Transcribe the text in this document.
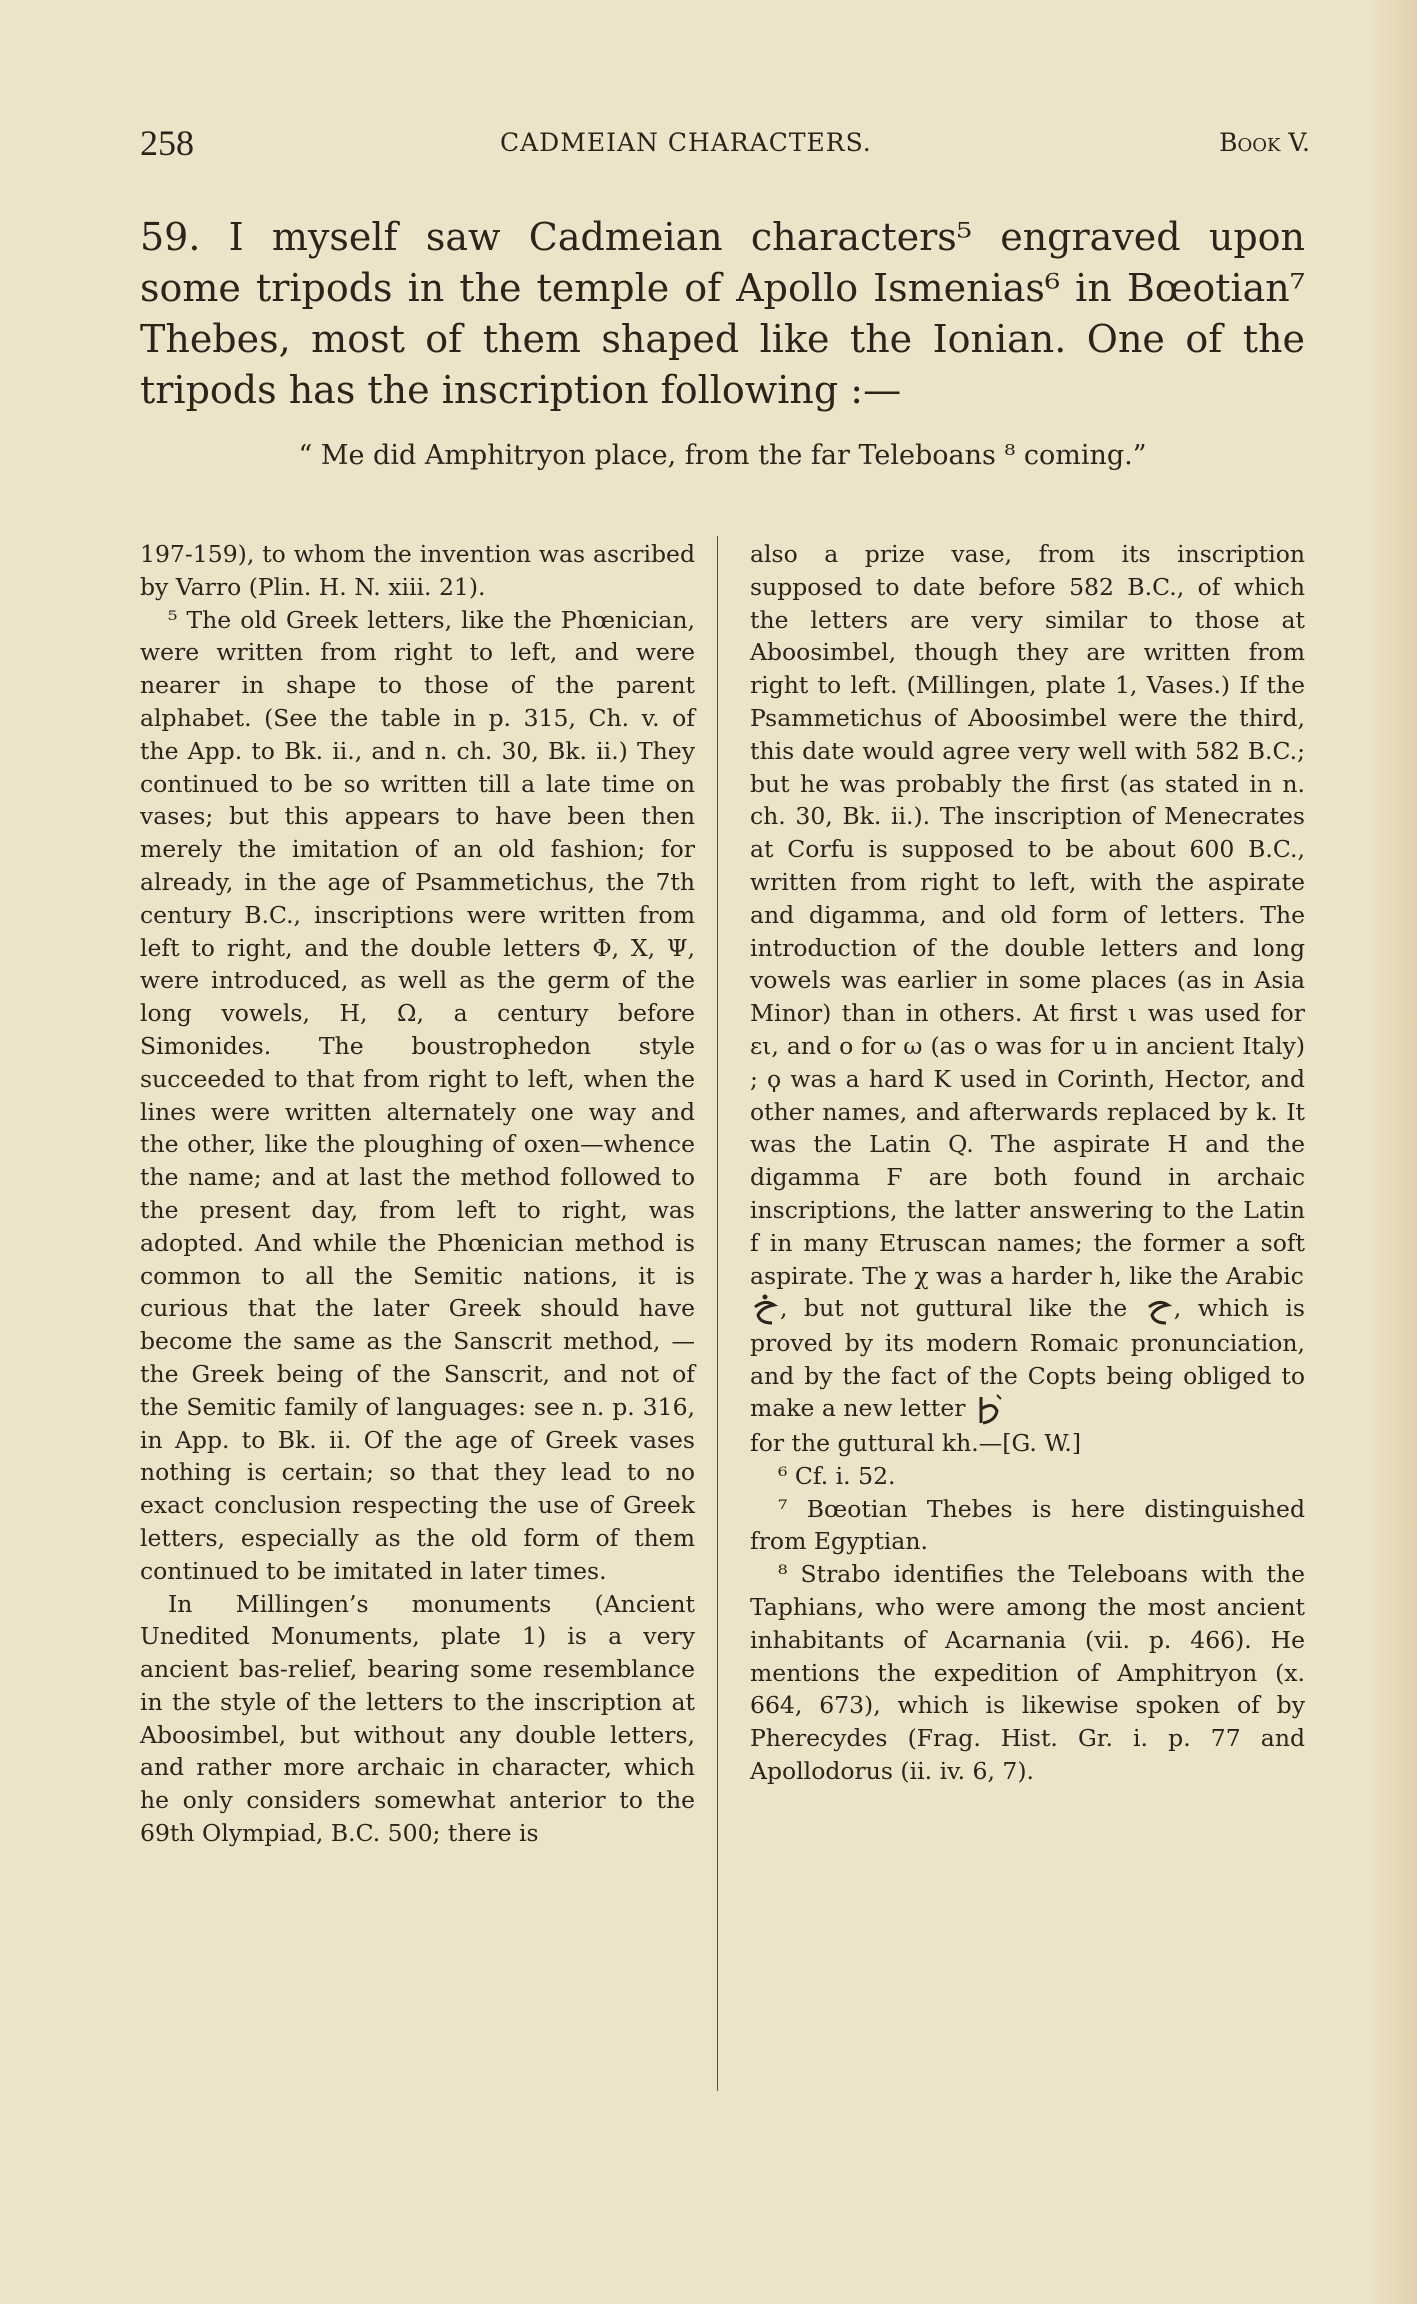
258	CADMEIAN CHARACTERS.	Book V.
59. I myself saw Cadmeian characters⁵ engraved upon
some tripods in the temple of Apollo Ismenias⁶ in Bœotian⁷
Thebes, most of them shaped like the Ionian. One of the
tripods has the inscription following :—
“ Me did Amphitryon place, from the far Teleboans ⁸ coming.”

197-159), to whom the invention was ascribed by Varro (Plin. H. N. xiii. 21).

⁵ The old Greek letters, like the Phœnician, were written from right to left, and were nearer in shape to those of the parent alphabet. (See the table in p. 315, Ch. v. of the App. to Bk. ii., and n. ch. 30, Bk. ii.) They continued to be so written till a late time on vases; but this appears to have been then merely the imitation of an old fashion; for already, in the age of Psammetichus, the 7th century B.C., inscriptions were written from left to right, and the double letters Φ, Χ, Ψ, were introduced, as well as the germ of the long vowels, Η, Ω, a century before Simonides. The boustrophedon style succeeded to that from right to left, when the lines were written alternately one way and the other, like the ploughing of oxen—whence the name; and at last the method followed to the present day, from left to right, was adopted. And while the Phœnician method is common to all the Semitic nations, it is curious that the later Greek should have become the same as the Sanscrit method, —the Greek being of the Sanscrit, and not of the Semitic family of languages: see n. p. 316, in App. to Bk. ii. Of the age of Greek vases nothing is certain; so that they lead to no exact conclusion respecting the use of Greek letters, especially as the old form of them continued to be imitated in later times.

In Millingen’s monuments (Ancient Unedited Monuments, plate 1) is a very ancient bas-relief, bearing some resemblance in the style of the letters to the inscription at Aboosimbel, but without any double letters, and rather more archaic in character, which he only considers somewhat anterior to the 69th Olympiad, B.C. 500; there is

also a prize vase, from its inscription supposed to date before 582 B.C., of which the letters are very similar to those at Aboosimbel, though they are written from right to left. (Millingen, plate 1, Vases.) If the Psammetichus of Aboosimbel were the third, this date would agree very well with 582 B.C.; but he was probably the first (as stated in n. ch. 30, Bk. ii.). The inscription of Menecrates at Corfu is supposed to be about 600 B.C., written from right to left, with the aspirate and digamma, and old form of letters. The introduction of the double letters and long vowels was earlier in some places (as in Asia Minor) than in others. At first ι was used for ει, and ο for ω (as ο was for u in ancient Italy) ; ϙ was a hard K used in Corinth, Hector, and other names, and afterwards replaced by k. It was the Latin Q. The aspirate H and the digamma Ϝ are both found in archaic inscriptions, the latter answering to the Latin f in many Etruscan names; the former a soft aspirate. The χ was a harder h, like the Arabic

, but not guttural like the , which is proved by its modern Romaic pronunciation, and by the fact of the Copts being obliged to make a new letter

for the guttural kh.—[G. W.]

⁶ Cf. i. 52.

⁷ Bœotian Thebes is here distinguished from Egyptian.

⁸ Strabo identifies the Teleboans with the Taphians, who were among the most ancient inhabitants of Acarnania (vii. p. 466). He mentions the expedition of Amphitryon (x. 664, 673), which is likewise spoken of by Pherecydes (Frag. Hist. Gr. i. p. 77 and Apollodorus (ii. iv. 6, 7).
